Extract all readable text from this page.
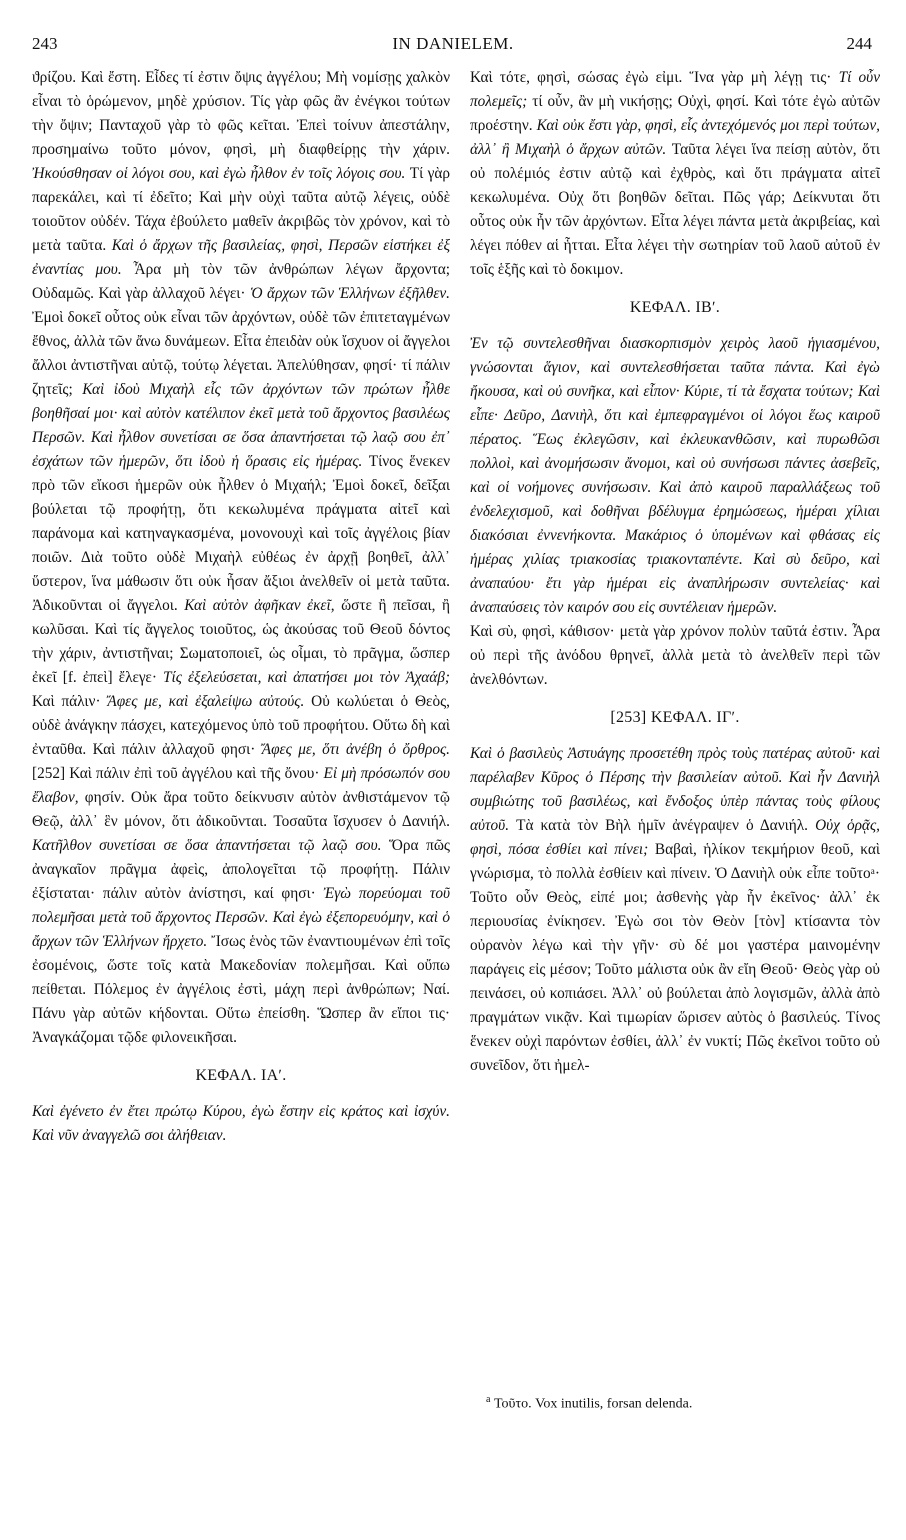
243	IN DANIELEM.	244

ϑρίζου. Καὶ ἔστη. Εἶδες τί ἐστιν ὄψις ἀγγέλου; Μὴ νομίσῃς χαλκὸν εἶναι τὸ ὁρώμενον, μηδὲ χρύσιον. Τίς γὰρ φῶς ἂν ἐνέγκοι τούτων τὴν ὄψιν; Πανταχοῦ γὰρ τὸ φῶς κεῖται. Ἐπεὶ τοίνυν ἀπεστάλην, προσημαίνω τοῦτο μόνον, φησὶ, μὴ διαφθείρῃς τὴν χάριν. Ἠκούσθησαν οἱ λόγοι σου, καὶ ἐγὼ ἦλθον ἐν τοῖς λόγοις σου. Τί γὰρ παρεκάλει, καὶ τί ἐδεῖτο; Καὶ μὴν οὐχὶ ταῦτα αὐτῷ λέγεις, οὐδὲ τοιοῦτον οὐδέν. Τάχα ἐβούλετο μαθεῖν ἀκριβῶς τὸν χρόνον, καὶ τὸ μετὰ ταῦτα. Καὶ ὁ ἄρχων τῆς βασιλείας, φησὶ, Περσῶν εἱστήκει ἐξ ἐναντίας μου. Ἆρα μὴ τὸν τῶν ἀνθρώπων λέγων ἄρχοντα; Οὐδαμῶς. Καὶ γὰρ ἀλλαχοῦ λέγει· Ὁ ἄρχων τῶν Ἑλλήνων ἐξῆλθεν. Ἐμοὶ δοκεῖ οὗτος οὐκ εἶναι τῶν ἀρχόντων, οὐδὲ τῶν ἐπιτεταγμένων ἔθνος, ἀλλὰ τῶν ἄνω δυνάμεων. Εἶτα ἐπειδὰν οὐκ ἴσχυον οἱ ἄγγελοι ἄλλοι ἀντιστῆναι αὐτῷ, τούτῳ λέγεται. Ἀπελύθησαν, φησί· τί πάλιν ζητεῖς; Καὶ ἰδοὺ Μιχαὴλ εἷς τῶν ἀρχόντων τῶν πρώτων ἦλθε βοηθῆσαί μοι· καὶ αὐτὸν κατέλιπον ἐκεῖ μετὰ τοῦ ἄρχοντος βασιλέως Περσῶν. Καὶ ἦλθον συνετίσαι σε ὅσα ἀπαντήσεται τῷ λαῷ σου ἐπ᾿ ἐσχάτων τῶν ἡμερῶν, ὅτι ἰδοὺ ἡ ὅρασις εἰς ἡμέρας. Τίνος ἕνεκεν πρὸ τῶν εἴκοσι ἡμερῶν οὐκ ἦλθεν ὁ Μιχαήλ; Ἐμοὶ δοκεῖ, δεῖξαι βούλεται τῷ προφήτῃ, ὅτι κεκωλυμένα πράγματα αἰτεῖ καὶ παράνομα καὶ κατηναγκασμένα, μονονουχὶ καὶ τοῖς ἀγγέλοις βίαν ποιῶν. Διὰ τοῦτο οὐδὲ Μιχαὴλ εὐθέως ἐν ἀρχῇ βοηθεῖ, ἀλλ᾿ ὕστερον, ἵνα μάθωσιν ὅτι οὐκ ἦσαν ἄξιοι ἀνελθεῖν οἱ μετὰ ταῦτα. Ἀδικοῦνται οἱ ἄγγελοι. Καὶ αὐτὸν ἀφῆκαν ἐκεῖ, ὥστε ἢ πεῖσαι, ἢ κωλῦσαι. Καὶ τίς ἄγγελος τοιοῦτος, ὡς ἀκούσας τοῦ Θεοῦ δόντος τὴν χάριν, ἀντιστῆναι; Σωματοποιεῖ, ὡς οἶμαι, τὸ πρᾶγμα, ὥσπερ ἐκεῖ [f. ἐπεὶ] ἔλεγε· Τίς ἐξελεύσεται, καὶ ἀπατήσει μοι τὸν Ἀχαάβ; Καὶ πάλιν· Ἄφες με, καὶ ἐξαλείψω αὐτούς. Οὐ κωλύεται ὁ Θεὸς, οὐδὲ ἀνάγκην πάσχει, κατεχόμενος ὑπὸ τοῦ προφήτου. Οὕτω δὴ καὶ ἐνταῦθα. Καὶ πάλιν ἀλλαχοῦ φησι· Ἄφες με, ὅτι ἀνέβη ὁ ὄρθρος. [252] Καὶ πάλιν ἐπὶ τοῦ ἀγγέλου καὶ τῆς ὄνου· Εἰ μὴ πρόσωπόν σου ἔλαβον, φησίν. Οὐκ ἄρα τοῦτο δείκνυσιν αὐτὸν ἀνθιστάμενον τῷ Θεῷ, ἀλλ᾿ ἓν μόνον, ὅτι ἀδικοῦνται. Τοσαῦτα ἴσχυσεν ὁ Δανιήλ. Κατῆλθον συνετίσαι σε ὅσα ἀπαντήσεται τῷ λαῷ σου. Ὅρα πῶς ἀναγκαῖον πρᾶγμα ἀφεὶς, ἀπολογεῖται τῷ προφήτῃ. Πάλιν ἐξίσταται· πάλιν αὐτὸν ἀνίστησι, καί φησι· Ἐγὼ πορεύομαι τοῦ πολεμῆσαι μετὰ τοῦ ἄρχοντος Περσῶν. Καὶ ἐγὼ ἐξεπορευόμην, καὶ ὁ ἄρχων τῶν Ἑλλήνων ἤρχετο. Ἴσως ἑνὸς τῶν ἐναντιουμένων ἐπὶ τοῖς ἐσομένοις, ὥστε τοῖς κατὰ Μακεδονίαν πολεμῆσαι. Καὶ οὔπω πείθεται. Πόλεμος ἐν ἀγγέλοις ἐστὶ, μάχη περὶ ἀνθρώπων; Ναί. Πάνυ γὰρ αὐτῶν κήδονται. Οὕτω ἐπείσθη. Ὥσπερ ἂν εἴποι τις· Ἀναγκάζομαι τῷδε φιλονεικῆσαι.

ΚΕΦΑΛ. ΙΑʹ.

Καὶ ἐγένετο ἐν ἔτει πρώτῳ Κύρου, ἐγὼ ἔστην εἰς κράτος καὶ ἰσχύν. Καὶ νῦν ἀναγγελῶ σοι ἀλήθειαν.

Καὶ τότε, φησὶ, σώσας ἐγὼ εἰμι. Ἵνα γὰρ μὴ λέγῃ τις· Τί οὖν πολεμεῖς; τί οὖν, ἂν μὴ νικήσῃς; Οὐχὶ, φησί. Καὶ τότε ἐγὼ αὐτῶν προέστην. Καὶ οὐκ ἔστι γὰρ, φησὶ, εἷς ἀντεχόμενός μοι περὶ τούτων, ἀλλ᾿ ἢ Μιχαὴλ ὁ ἄρχων αὐτῶν. Ταῦτα λέγει ἵνα πείσῃ αὐτὸν, ὅτι οὐ πολέμιός ἐστιν αὐτῷ καὶ ἐχθρὸς, καὶ ὅτι πράγματα αἰτεῖ κεκωλυμένα. Οὐχ ὅτι βοηθῶν δεῖται. Πῶς γάρ; Δείκνυται ὅτι οὗτος οὐκ ἦν τῶν ἀρχόντων. Εἶτα λέγει πάντα μετὰ ἀκριβείας, καὶ λέγει πόθεν αἱ ἧτται. Εἶτα λέγει τὴν σωτηρίαν τοῦ λαοῦ αὐτοῦ ἐν τοῖς ἑξῆς καὶ τὸ δοκιμον.

ΚΕΦΑΛ. ΙΒʹ.

Ἐν τῷ συντελεσθῆναι διασκορπισμὸν χειρὸς λαοῦ ἡγιασμένου, γνώσονται ἅγιον, καὶ συντελεσθήσεται ταῦτα πάντα. Καὶ ἐγὼ ἤκουσα, καὶ οὐ συνῆκα, καὶ εἶπον· Κύριε, τί τὰ ἔσχατα τούτων; Καὶ εἶπε· Δεῦρο, Δανιὴλ, ὅτι καὶ ἐμπεφραγμένοι οἱ λόγοι ἕως καιροῦ πέρατος. Ἕως ἐκλεγῶσιν, καὶ ἐκλευκανθῶσιν, καὶ πυρωθῶσι πολλοὶ, καὶ ἀνομήσωσιν ἄνομοι, καὶ οὐ συνήσωσι πάντες ἀσεβεῖς, καὶ οἱ νοήμονες συνήσωσιν. Καὶ ἀπὸ καιροῦ παραλλάξεως τοῦ ἐνδελεχισμοῦ, καὶ δοθῆναι βδέλυγμα ἐρημώσεως, ἡμέραι χίλιαι διακόσιαι ἐννενήκοντα. Μακάριος ὁ ὑπομένων καὶ φθάσας εἰς ἡμέρας χιλίας τριακοσίας τριακονταπέντε. Καὶ σὺ δεῦρο, καὶ ἀναπαύου· ἔτι γὰρ ἡμέραι εἰς ἀναπλήρωσιν συντελείας· καὶ ἀναπαύσεις τὸν καιρόν σου εἰς συντέλειαν ἡμερῶν.

Καὶ σὺ, φησὶ, κάθισον· μετὰ γὰρ χρόνον πολὺν ταῦτά ἐστιν. Ἆρα οὐ περὶ τῆς ἀνόδου θρηνεῖ, ἀλλὰ μετὰ τὸ ἀνελθεῖν περὶ τῶν ἀνελθόντων.

[253] ΚΕΦΑΛ. ΙΓʹ.

Καὶ ὁ βασιλεὺς Ἀστυάγης προσετέθη πρὸς τοὺς πατέρας αὐτοῦ· καὶ παρέλαβεν Κῦρος ὁ Πέρσης τὴν βασιλείαν αὐτοῦ. Καὶ ἦν Δανιὴλ συμβιώτης τοῦ βασιλέως, καὶ ἔνδοξος ὑπὲρ πάντας τοὺς φίλους αὐτοῦ. Τὰ κατὰ τὸν Βὴλ ἡμῖν ἀνέγραψεν ὁ Δανιήλ. Οὐχ ὁρᾷς, φησὶ, πόσα ἐσθίει καὶ πίνει; Βαβαὶ, ἡλίκον τεκμήριον θεοῦ, καὶ γνώρισμα, τὸ πολλὰ ἐσθίειν καὶ πίνειν. Ὁ Δανιὴλ οὐκ εἶπε τοῦτοᵃ· Τοῦτο οὖν Θεὸς, εἰπέ μοι; ἀσθενὴς γὰρ ἦν ἐκεῖνος· ἀλλ᾿ ἐκ περιουσίας ἐνίκησεν. Ἐγὼ σοι τὸν Θεὸν [τὸν] κτίσαντα τὸν οὐρανὸν λέγω καὶ τὴν γῆν· σὺ δέ μοι γαστέρα μαινομένην παράγεις εἰς μέσον; Τοῦτο μάλιστα οὐκ ἂν εἴη Θεοῦ· Θεὸς γὰρ οὐ πεινάσει, οὐ κοπιάσει. Ἀλλ᾿ οὐ βούλεται ἀπὸ λογισμῶν, ἀλλὰ ἀπὸ πραγμάτων νικᾷν. Καὶ τιμωρίαν ὥρισεν αὐτὸς ὁ βασιλεύς. Τίνος ἕνεκεν οὐχὶ παρόντων ἐσθίει, ἀλλ᾿ ἐν νυκτί; Πῶς ἐκεῖνοι τοῦτο οὐ συνεῖδον, ὅτι ἠμελ-

$^a$ Τοῦτο. Vox inutilis, forsan delenda.
